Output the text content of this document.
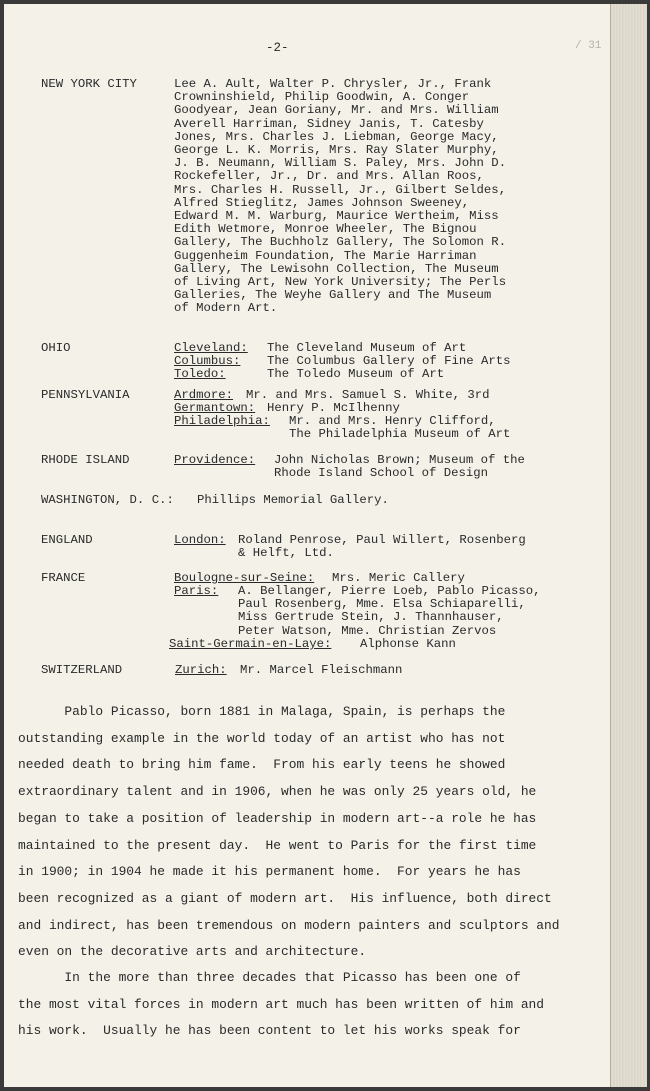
-2-	/ 31
NEW YORK CITY	Lee A. Ault, Walter P. Chrysler, Jr., Frank
Crowninshield, Philip Goodwin, A. Conger
Goodyear, Jean Goriany, Mr. and Mrs. William
Averell Harriman, Sidney Janis, T. Catesby
Jones, Mrs. Charles J. Liebman, George Macy,
George L. K. Morris, Mrs. Ray Slater Murphy,
J. B. Neumann, William S. Paley, Mrs. John D.
Rockefeller, Jr., Dr. and Mrs. Allan Roos,
Mrs. Charles H. Russell, Jr., Gilbert Seldes,
Alfred Stieglitz, James Johnson Sweeney,
Edward M. M. Warburg, Maurice Wertheim, Miss
Edith Wetmore, Monroe Wheeler, The Bignou
Gallery, The Buchholz Gallery, The Solomon R.
Guggenheim Foundation, The Marie Harriman
Gallery, The Lewisohn Collection, The Museum
of Living Art, New York University; The Perls
Galleries, The Weyhe Gallery and The Museum
of Modern Art.
OHIO	Cleveland: The Cleveland Museum of Art
Columbus: The Columbus Gallery of Fine Arts
Toledo:	The Toledo Museum of Art
PENNSYLVANIA	Ardmore: Mr. and Mrs. Samuel S. White, 3rd
Germantown: Henry P. McIlhenny
Philadelphia: Mr. and Mrs. Henry Clifford,
The Philadelphia Museum of Art
RHODE ISLAND	Providence: John Nicholas Brown; Museum of the
Rhode Island School of Design
WASHINGTON, D. C.: Phillips Memorial Gallery.
ENGLAND	London: Roland Penrose, Paul Willert, Rosenberg
& Helft, Ltd.
FRANCE	Boulogne-sur-Seine: Mrs. Meric Callery
Paris: A. Bellanger, Pierre Loeb, Pablo Picasso,
Paul Rosenberg, Mme. Elsa Schiaparelli,
Miss Gertrude Stein, J. Thannhauser,
Peter Watson, Mme. Christian Zervos
Saint-Germain-en-Laye: Alphonse Kann
SWITZERLAND	Zurich: Mr. Marcel Fleischmann
Pablo Picasso, born 1881 in Malaga, Spain, is perhaps the
outstanding example in the world today of an artist who has not
needed death to bring him fame.  From his early teens he showed
extraordinary talent and in 1906, when he was only 25 years old, he
began to take a position of leadership in modern art--a role he has
maintained to the present day.  He went to Paris for the first time
in 1900; in 1904 he made it his permanent home.  For years he has
been recognized as a giant of modern art.  His influence, both direct
and indirect, has been tremendous on modern painters and sculptors and
even on the decorative arts and architecture.
In the more than three decades that Picasso has been one of
the most vital forces in modern art much has been written of him and
his work.  Usually he has been content to let his works speak for
